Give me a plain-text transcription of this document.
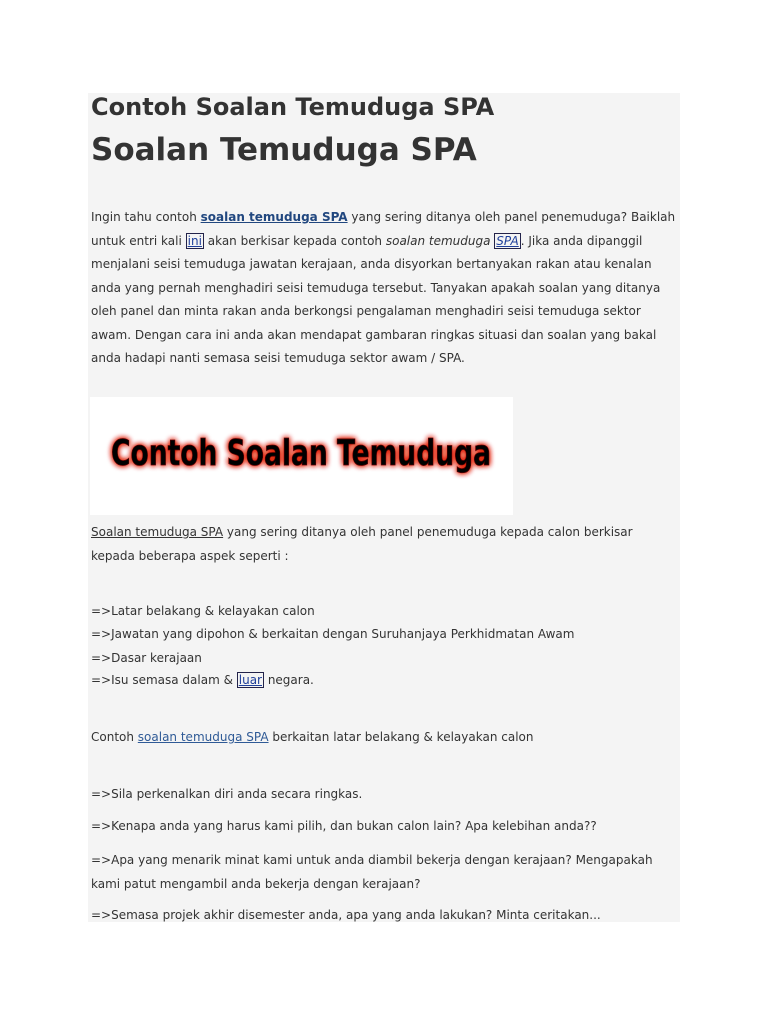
Contoh Soalan Temuduga SPA
Soalan Temuduga SPA
Ingin tahu contoh soalan temuduga SPA yang sering ditanya oleh panel penemuduga? Baiklah untuk entri kali ini akan berkisar kepada contoh soalan temuduga SPA . Jika anda dipanggil menjalani seisi temuduga jawatan kerajaan, anda disyorkan bertanyakan rakan atau kenalan anda yang pernah menghadiri seisi temuduga tersebut. Tanyakan apakah soalan yang ditanya oleh panel dan minta rakan anda berkongsi pengalaman menghadiri seisi temuduga sektor awam. Dengan cara ini anda akan mendapat gambaran ringkas situasi dan soalan yang bakal anda hadapi nanti semasa seisi temuduga sektor awam / SPA.
Contoh Soalan Temuduga
Soalan temuduga SPA yang sering ditanya oleh panel penemuduga kepada calon berkisar kepada beberapa aspek seperti :
=>Latar belakang & kelayakan calon
=>Jawatan yang dipohon & berkaitan dengan Suruhanjaya Perkhidmatan Awam
=>Dasar kerajaan
=>Isu semasa dalam & luar negara.
Contoh soalan temuduga SPA berkaitan latar belakang & kelayakan calon
=>Sila perkenalkan diri anda secara ringkas.
=>Kenapa anda yang harus kami pilih, dan bukan calon lain? Apa kelebihan anda??
=>Apa yang menarik minat kami untuk anda diambil bekerja dengan kerajaan? Mengapakah kami patut mengambil anda bekerja dengan kerajaan?
=>Semasa projek akhir disemester anda, apa yang anda lakukan? Minta ceritakan...
